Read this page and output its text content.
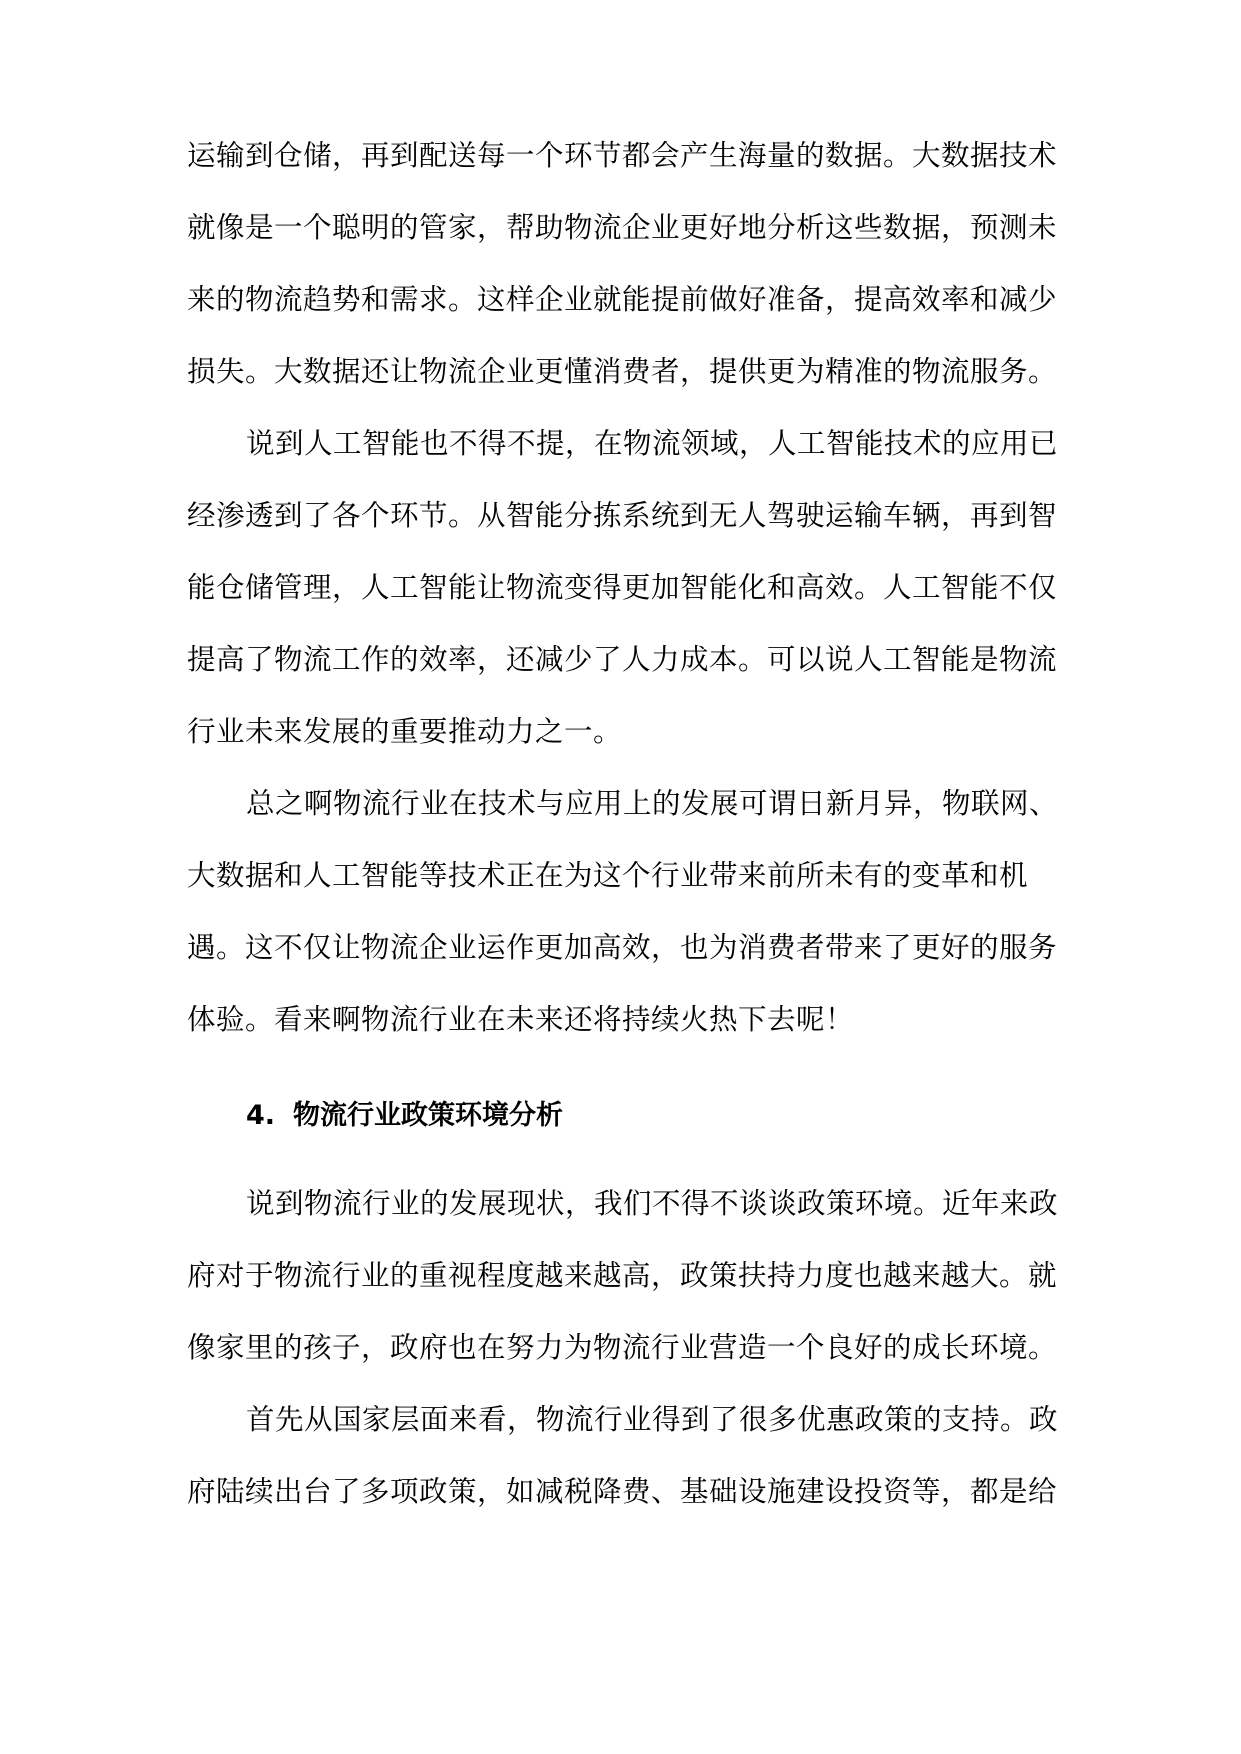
运输到仓储，再到配送每一个环节都会产生海量的数据。大数据技术
就像是一个聪明的管家，帮助物流企业更好地分析这些数据，预测未
来的物流趋势和需求。这样企业就能提前做好准备，提高效率和减少
损失。大数据还让物流企业更懂消费者，提供更为精准的物流服务。
说到人工智能也不得不提，在物流领域，人工智能技术的应用已
经渗透到了各个环节。从智能分拣系统到无人驾驶运输车辆，再到智
能仓储管理，人工智能让物流变得更加智能化和高效。人工智能不仅
提高了物流工作的效率，还减少了人力成本。可以说人工智能是物流
行业未来发展的重要推动力之一。
总之啊物流行业在技术与应用上的发展可谓日新月异，物联网、
大数据和人工智能等技术正在为这个行业带来前所未有的变革和机
遇。这不仅让物流企业运作更加高效，也为消费者带来了更好的服务
体验。看来啊物流行业在未来还将持续火热下去呢！
4. 物流行业政策环境分析
说到物流行业的发展现状，我们不得不谈谈政策环境。近年来政
府对于物流行业的重视程度越来越高，政策扶持力度也越来越大。就
像家里的孩子，政府也在努力为物流行业营造一个良好的成长环境。
首先从国家层面来看，物流行业得到了很多优惠政策的支持。政
府陆续出台了多项政策，如减税降费、基础设施建设投资等，都是给
